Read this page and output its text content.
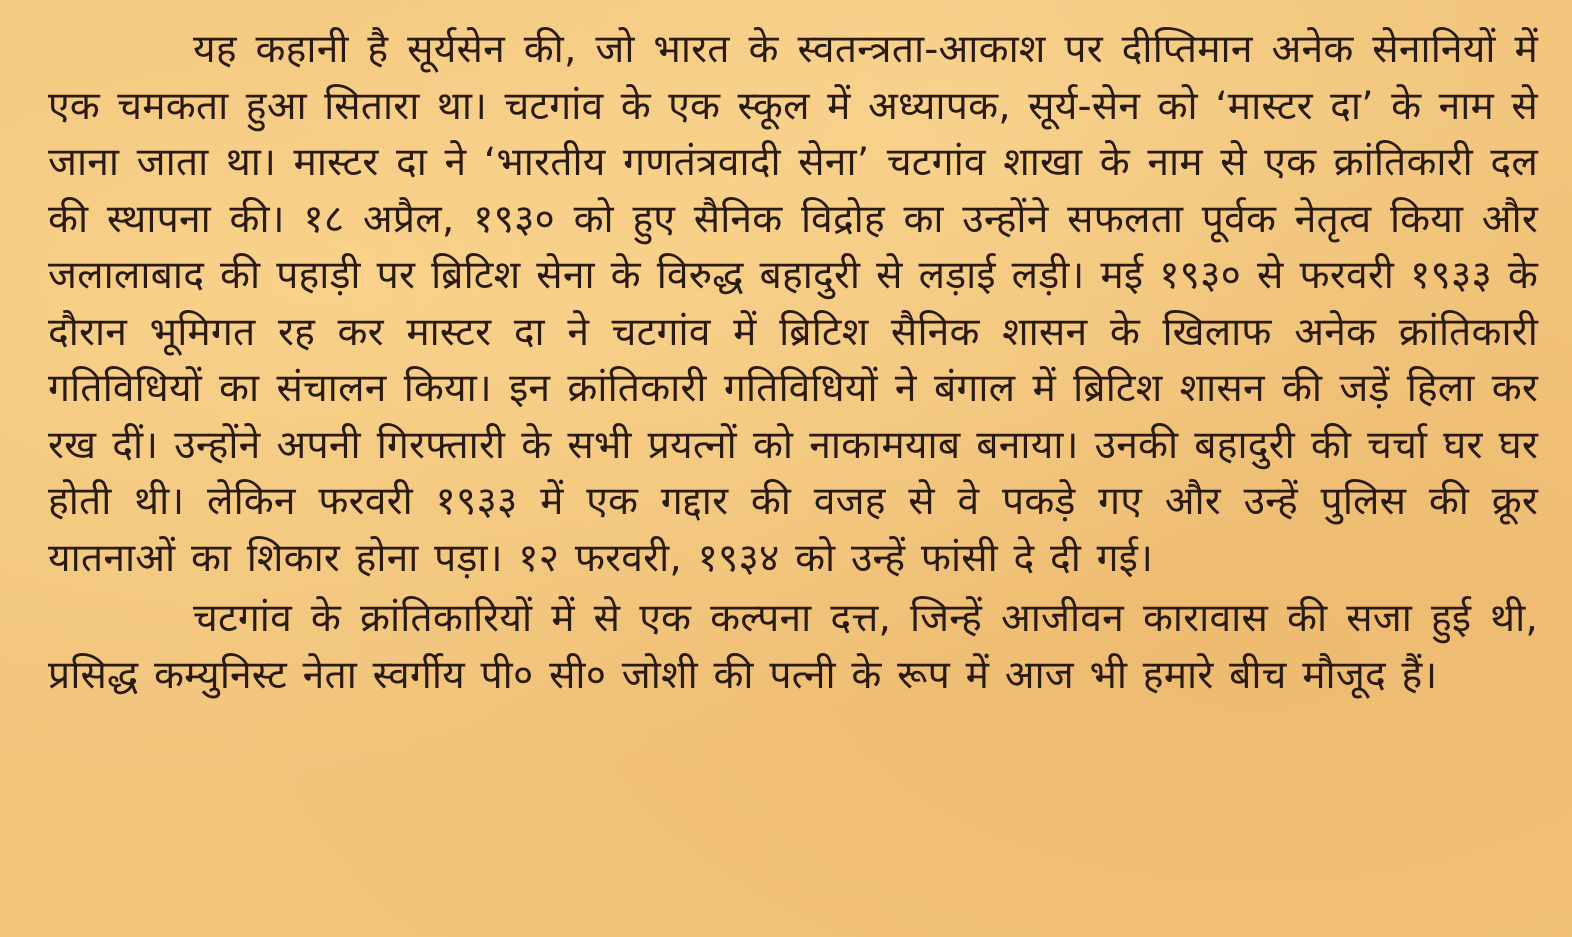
यह कहानी है सूर्यसेन की, जो भारत के स्वतन्त्रता-आकाश पर दीप्तिमान अनेक सेनानियों में एक चमकता हुआ सितारा था। चटगांव के एक स्कूल में अध्यापक, सूर्य-सेन को ‘मास्टर दा’ के नाम से जाना जाता था। मास्टर दा ने ‘भारतीय गणतंत्रवादी सेना’ चटगांव शाखा के नाम से एक क्रांतिकारी दल की स्थापना की। १८ अप्रैल, १९३० को हुए सैनिक विद्रोह का उन्होंने सफलता पूर्वक नेतृत्व किया और जलालाबाद की पहाड़ी पर ब्रिटिश सेना के विरुद्ध बहादुरी से लड़ाई लड़ी। मई १९३० से फरवरी १९३३ के दौरान भूमिगत रह कर मास्टर दा ने चटगांव में ब्रिटिश सैनिक शासन के खिलाफ अनेक क्रांतिकारी गतिविधियों का संचालन किया। इन क्रांतिकारी गतिविधियों ने बंगाल में ब्रिटिश शासन की जड़ें हिला कर रख दीं। उन्होंने अपनी गिरफ्तारी के सभी प्रयत्नों को नाकामयाब बनाया। उनकी बहादुरी की चर्चा घर घर होती थी। लेकिन फरवरी १९३३ में एक गद्दार की वजह से वे पकड़े गए और उन्हें पुलिस की क्रूर यातनाओं का शिकार होना पड़ा। १२ फरवरी, १९३४ को उन्हें फांसी दे दी गई।

चटगांव के क्रांतिकारियों में से एक कल्पना दत्त, जिन्हें आजीवन कारावास की सजा हुई थी, प्रसिद्ध कम्युनिस्ट नेता स्वर्गीय पी० सी० जोशी की पत्नी के रूप में आज भी हमारे बीच मौजूद हैं।
